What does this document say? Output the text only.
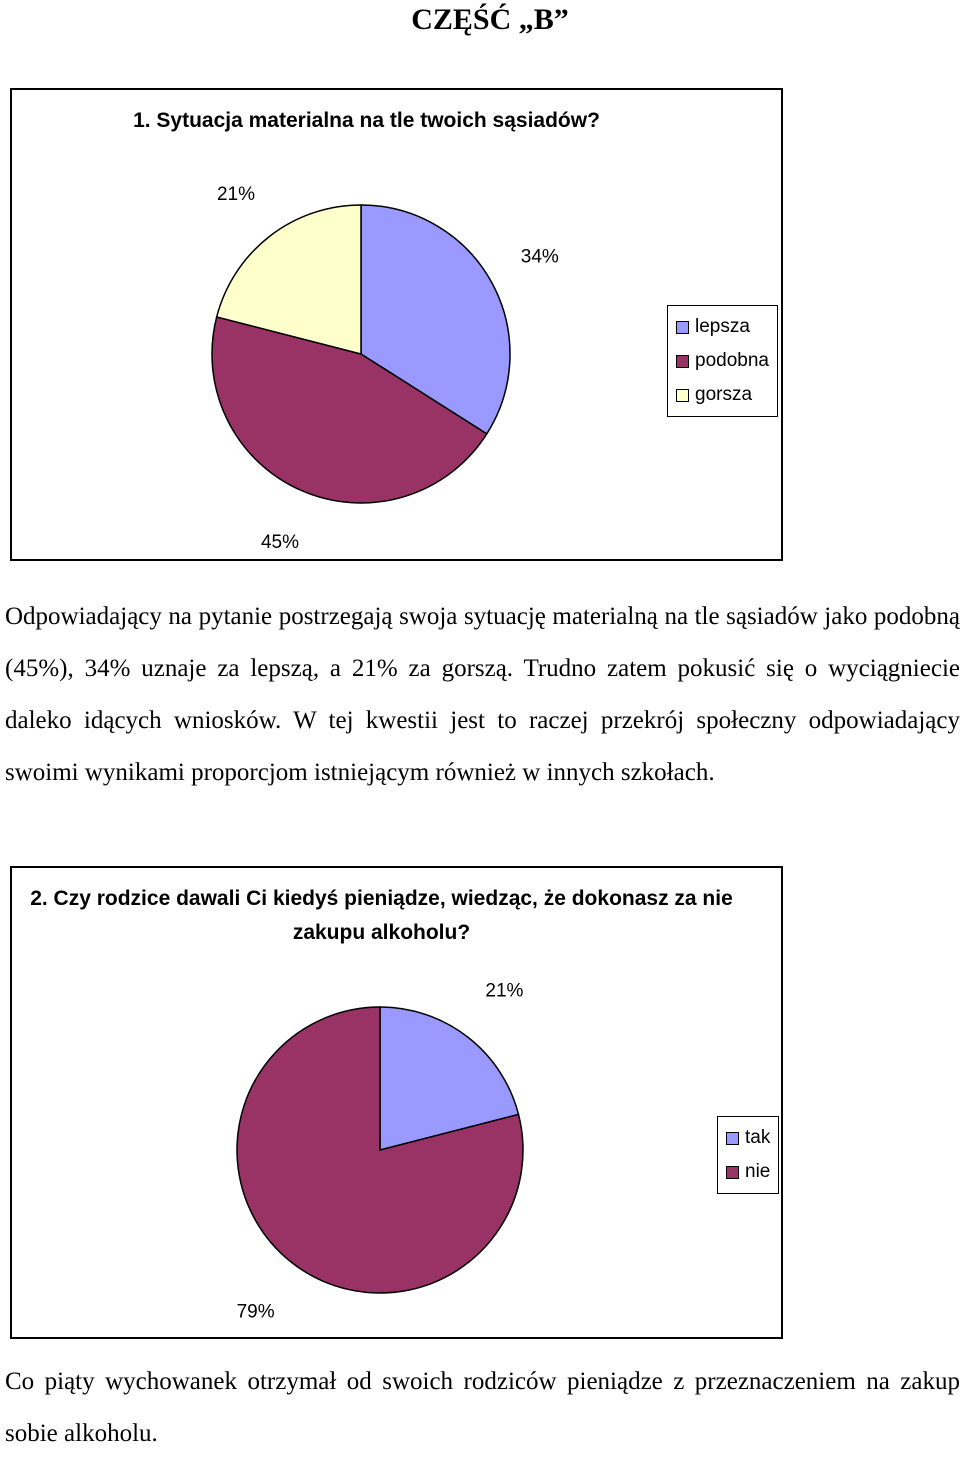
CZĘŚĆ „B”
1. Sytuacja materialna na tle twoich sąsiadów?
34%
45%
21%
lepsza
podobna
gorsza
Odpowiadający na pytanie postrzegają swoja sytuację materialną na tle sąsiadów jako podobną (45%), 34% uznaje za lepszą, a 21% za gorszą. Trudno zatem pokusić się o wyciągniecie daleko idących wniosków. W tej kwestii jest to raczej przekrój społeczny odpowiadający swoimi wynikami proporcjom istniejącym również w innych szkołach.
2. Czy rodzice dawali Ci kiedyś pieniądze, wiedząc, że dokonasz za nie zakupu alkoholu?
21%
79%
tak
nie
Co piąty wychowanek otrzymał od swoich rodziców pieniądze z przeznaczeniem na zakup sobie alkoholu.
